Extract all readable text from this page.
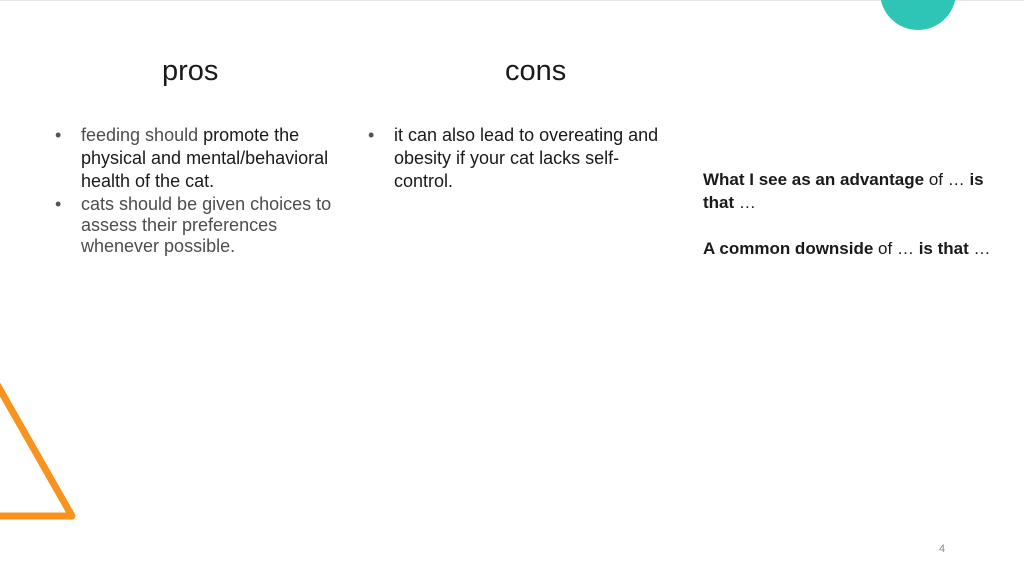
pros	cons
• feeding should promote the physical and mental/behavioral health of the cat.
• cats should be given choices to assess their preferences whenever possible.
• it can also lead to overeating and obesity if your cat lacks self-control.	What I see as an advantage of … is that …

A common downside of … is that …

4
